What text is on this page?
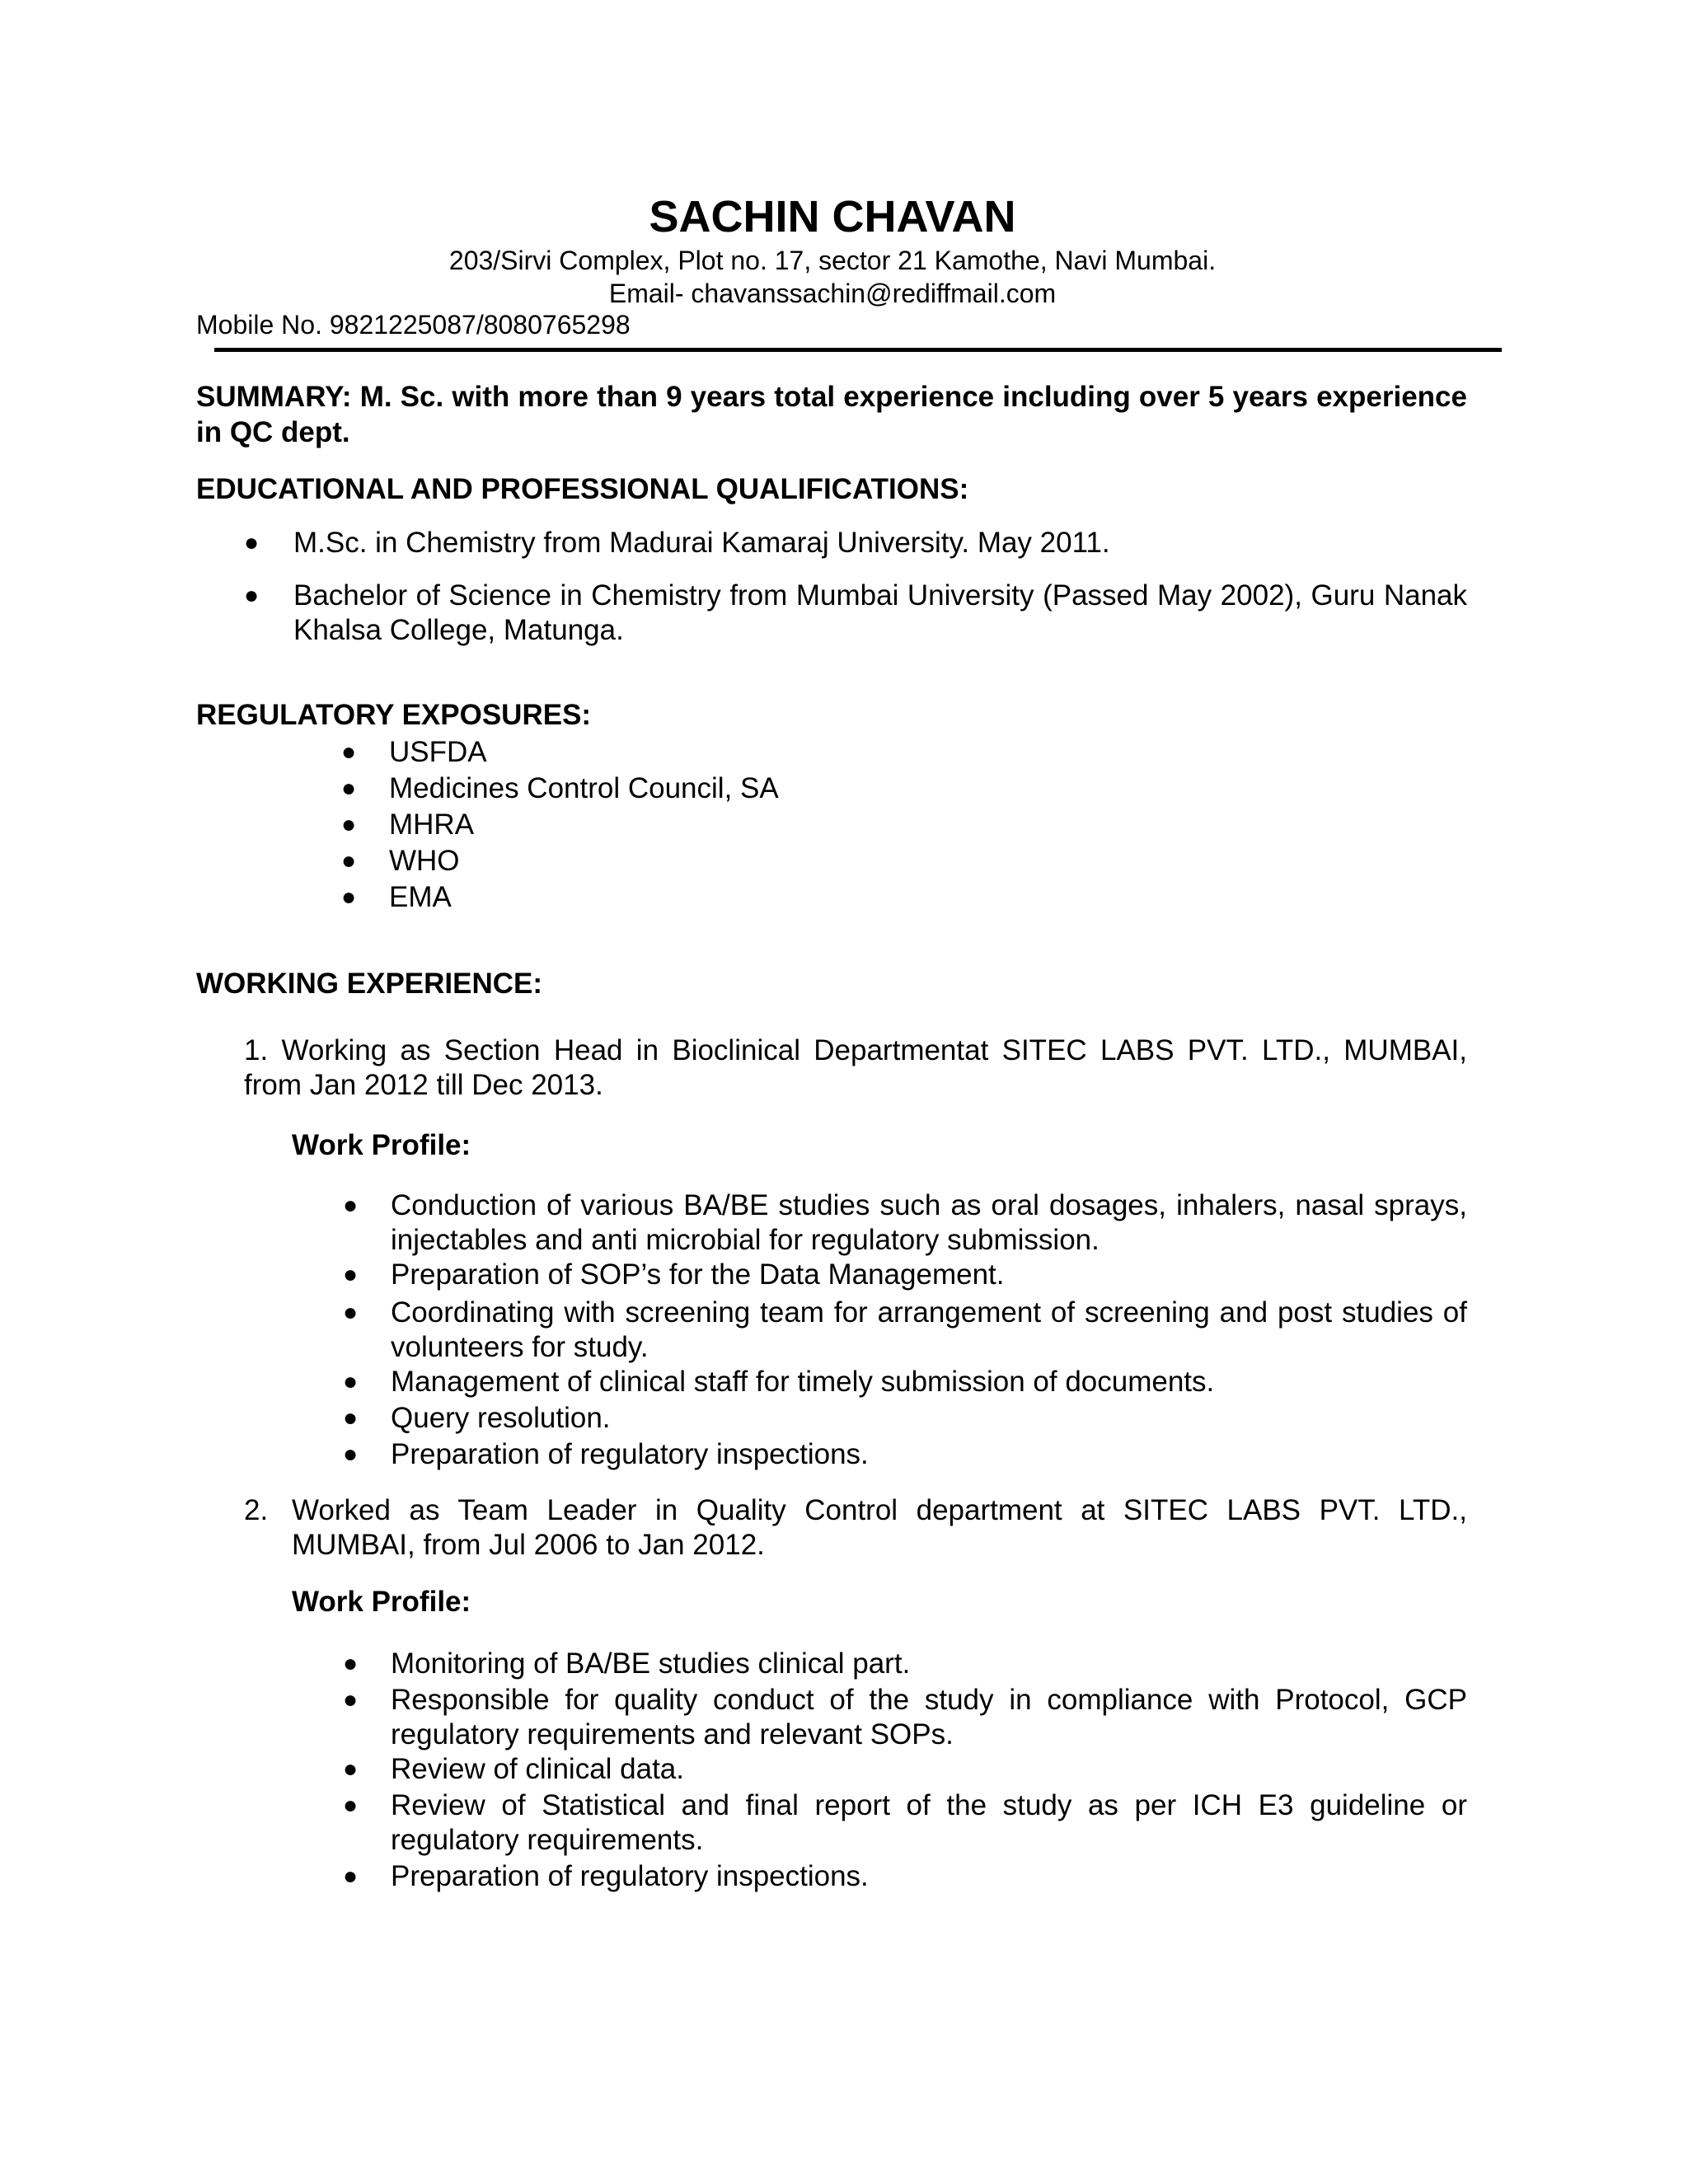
SACHIN CHAVAN
203/Sirvi Complex, Plot no. 17, sector 21 Kamothe, Navi Mumbai.
Email- chavanssachin@rediffmail.com
Mobile No. 9821225087/8080765298
SUMMARY: M. Sc. with more than 9 years total experience including over 5 years experience in QC dept.
EDUCATIONAL AND PROFESSIONAL QUALIFICATIONS:
● M.Sc. in Chemistry from Madurai Kamaraj University. May 2011.
● Bachelor of Science in Chemistry from Mumbai University (Passed May 2002), Guru Nanak Khalsa College, Matunga.
REGULATORY EXPOSURES:
● USFDA
● Medicines Control Council, SA
● MHRA
● WHO
● EMA
WORKING EXPERIENCE:
1. Working as Section Head in Bioclinical Departmentat SITEC LABS PVT. LTD., MUMBAI, from Jan 2012 till Dec 2013.
Work Profile:
● Conduction of various BA/BE studies such as oral dosages, inhalers, nasal sprays, injectables and anti microbial for regulatory submission.
● Preparation of SOP’s for the Data Management.
● Coordinating with screening team for arrangement of screening and post studies of volunteers for study.
● Management of clinical staff for timely submission of documents.
● Query resolution.
● Preparation of regulatory inspections.
2. Worked as Team Leader in Quality Control department at SITEC LABS PVT. LTD., MUMBAI, from Jul 2006 to Jan 2012.
Work Profile:
● Monitoring of BA/BE studies clinical part.
● Responsible for quality conduct of the study in compliance with Protocol, GCP regulatory requirements and relevant SOPs.
● Review of clinical data.
● Review of Statistical and final report of the study as per ICH E3 guideline or regulatory requirements.
● Preparation of regulatory inspections.
